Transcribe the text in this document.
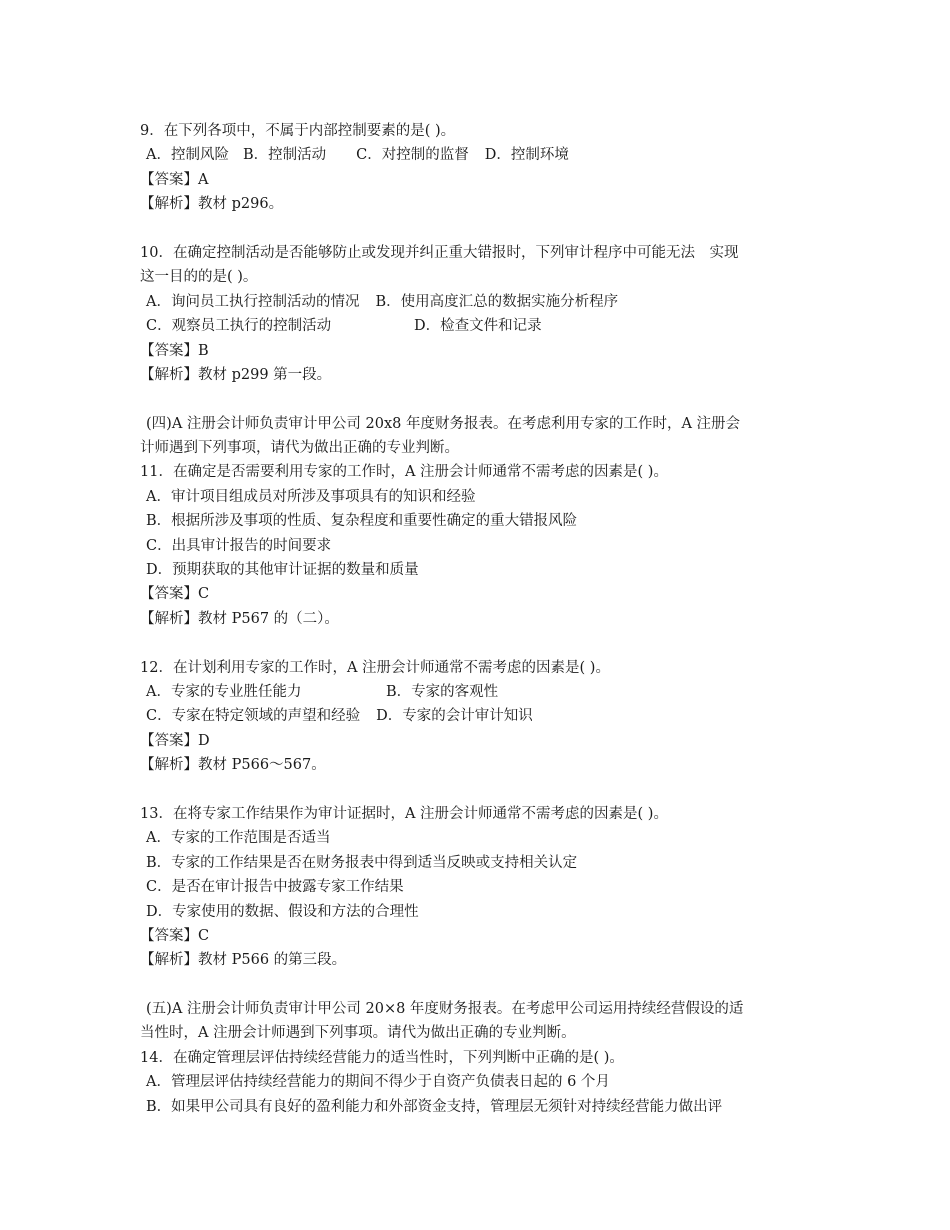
9．在下列各项中，不属于内部控制要素的是( )。
A．控制风险 B．控制活动 C．对控制的监督 D．控制环境
【答案】A
【解析】教材 p296。
10．在确定控制活动是否能够防止或发现并纠正重大错报时，下列审计程序中可能无法　实现
这一目的的是( )。
A．询问员工执行控制活动的情况 B．使用高度汇总的数据实施分析程序
C．观察员工执行的控制活动	D．检查文件和记录
【答案】B
【解析】教材 p299 第一段。
(四)A 注册会计师负责审计甲公司 20x8 年度财务报表。在考虑利用专家的工作时，A 注册会
计师遇到下列事项，请代为做出正确的专业判断。
11．在确定是否需要利用专家的工作时，A 注册会计师通常不需考虑的因素是( )。
A．审计项目组成员对所涉及事项具有的知识和经验
B．根据所涉及事项的性质、复杂程度和重要性确定的重大错报风险
C．出具审计报告的时间要求
D．预期获取的其他审计证据的数量和质量
【答案】C
【解析】教材 P567 的（二）。
12．在计划利用专家的工作时，A 注册会计师通常不需考虑的因素是( )。
A．专家的专业胜任能力	B．专家的客观性
C．专家在特定领域的声望和经验 D．专家的会计审计知识
【答案】D
【解析】教材 P566～567。
13．在将专家工作结果作为审计证据时，A 注册会计师通常不需考虑的因素是( )。
A．专家的工作范围是否适当
B．专家的工作结果是否在财务报表中得到适当反映或支持相关认定
C．是否在审计报告中披露专家工作结果
D．专家使用的数据、假设和方法的合理性
【答案】C
【解析】教材 P566 的第三段。
(五)A 注册会计师负责审计甲公司 20×8 年度财务报表。在考虑甲公司运用持续经营假设的适
当性时，A 注册会计师遇到下列事项。请代为做出正确的专业判断。
14．在确定管理层评估持续经营能力的适当性时，下列判断中正确的是( )。
A．管理层评估持续经营能力的期间不得少于自资产负债表日起的 6 个月
B．如果甲公司具有良好的盈利能力和外部资金支持，管理层无须针对持续经营能力做出评
